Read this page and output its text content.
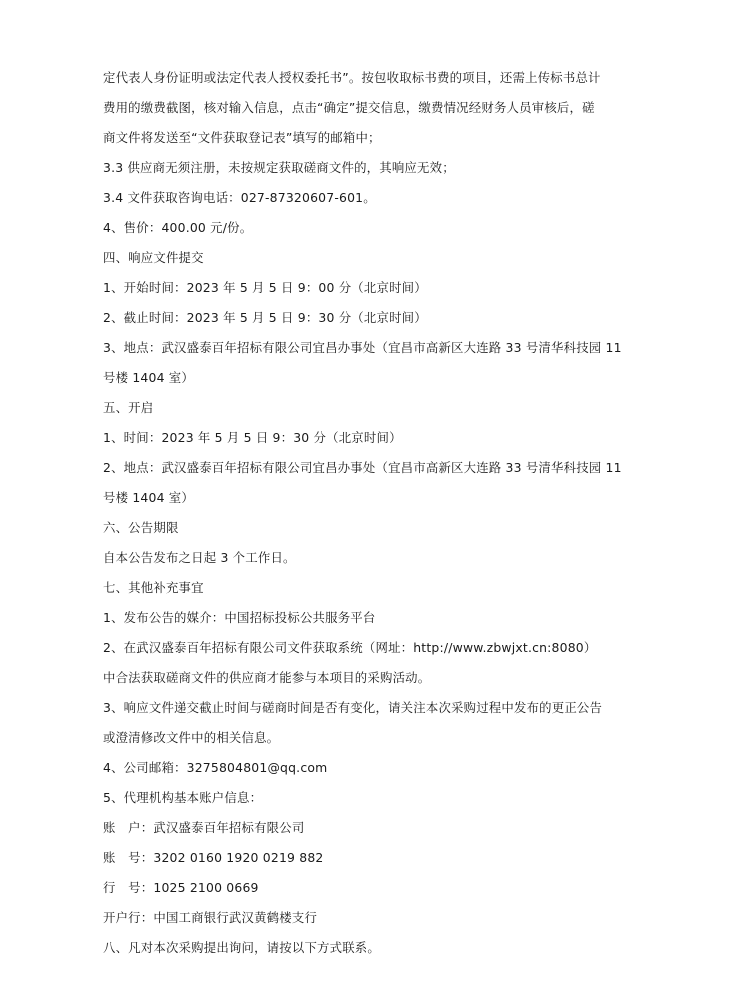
定代表人身份证明或法定代表人授权委托书”。按包收取标书费的项目，还需上传标书总计
费用的缴费截图，核对输入信息，点击“确定”提交信息，缴费情况经财务人员审核后，磋
商文件将发送至“文件获取登记表”填写的邮箱中；
3.3 供应商无须注册，未按规定获取磋商文件的，其响应无效；
3.4 文件获取咨询电话：027-87320607-601。
4、售价：400.00 元/份。
四、响应文件提交
1、开始时间：2023 年 5 月 5 日 9：00 分（北京时间）
2、截止时间：2023 年 5 月 5 日 9：30 分（北京时间）
3、地点：武汉盛泰百年招标有限公司宜昌办事处（宜昌市高新区大连路 33 号清华科技园 11
号楼 1404 室）
五、开启
1、时间：2023 年 5 月 5 日 9：30 分（北京时间）
2、地点：武汉盛泰百年招标有限公司宜昌办事处（宜昌市高新区大连路 33 号清华科技园 11
号楼 1404 室）
六、公告期限
自本公告发布之日起 3 个工作日。
七、其他补充事宜
1、发布公告的媒介：中国招标投标公共服务平台
2、在武汉盛泰百年招标有限公司文件获取系统（网址：http://www.zbwjxt.cn:8080）
中合法获取磋商文件的供应商才能参与本项目的采购活动。
3、响应文件递交截止时间与磋商时间是否有变化，请关注本次采购过程中发布的更正公告
或澄清修改文件中的相关信息。
4、公司邮箱：3275804801@qq.com
5、代理机构基本账户信息：
账　户：武汉盛泰百年招标有限公司
账　号：3202 0160 1920 0219 882
行　号：1025 2100 0669
开户行：中国工商银行武汉黄鹤楼支行
八、凡对本次采购提出询问，请按以下方式联系。
